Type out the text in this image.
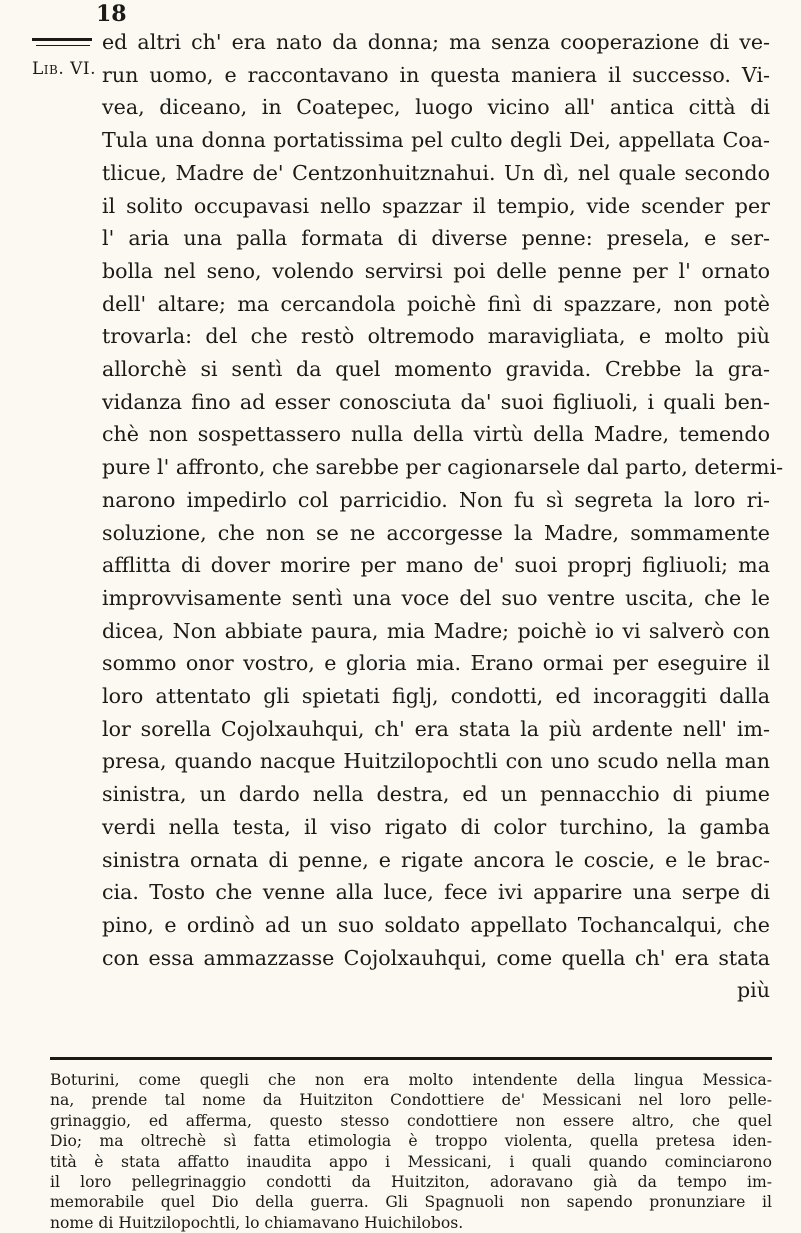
18
Lib. VI.
ed altri ch' era nato da donna; ma senza cooperazione di ve-
run uomo, e raccontavano in questa maniera il successo. Vi-
vea, diceano, in Coatepec, luogo vicino all' antica città di
Tula una donna portatissima pel culto degli Dei, appellata Coa-
tlicue, Madre de' Centzonhuitznahui. Un dì, nel quale secondo
il solito occupavasi nello spazzar il tempio, vide scender per
l' aria una palla formata di diverse penne: presela, e ser-
bolla nel seno, volendo servirsi poi delle penne per l' ornato
dell' altare; ma cercandola poichè finì di spazzare, non potè
trovarla: del che restò oltremodo maravigliata, e molto più
allorchè si sentì da quel momento gravida. Crebbe la gra-
vidanza fino ad esser conosciuta da' suoi figliuoli, i quali ben-
chè non sospettassero nulla della virtù della Madre, temendo
pure l' affronto, che sarebbe per cagionarsele dal parto, determi-
narono impedirlo col parricidio. Non fu sì segreta la loro ri-
soluzione, che non se ne accorgesse la Madre, sommamente
afflitta di dover morire per mano de' suoi proprj figliuoli; ma
improvvisamente sentì una voce del suo ventre uscita, che le
dicea, Non abbiate paura, mia Madre; poichè io vi salverò con
sommo onor vostro, e gloria mia. Erano ormai per eseguire il
loro attentato gli spietati figlj, condotti, ed incoraggiti dalla
lor sorella Cojolxauhqui, ch' era stata la più ardente nell' im-
presa, quando nacque Huitzilopochtli con uno scudo nella man
sinistra, un dardo nella destra, ed un pennacchio di piume
verdi nella testa, il viso rigato di color turchino, la gamba
sinistra ornata di penne, e rigate ancora le coscie, e le brac-
cia. Tosto che venne alla luce, fece ivi apparire una serpe di
pino, e ordinò ad un suo soldato appellato Tochancalqui, che
con essa ammazzasse Cojolxauhqui, come quella ch' era stata
più
Boturini, come quegli che non era molto intendente della lingua Messica-
na, prende tal nome da Huitziton Condottiere de' Messicani nel loro pelle-
grinaggio, ed afferma, questo stesso condottiere non essere altro, che quel
Dio; ma oltrechè sì fatta etimologia è troppo violenta, quella pretesa iden-
tità è stata affatto inaudita appo i Messicani, i quali quando cominciarono
il loro pellegrinaggio condotti da Huitziton, adoravano già da tempo im-
memorabile quel Dio della guerra. Gli Spagnuoli non sapendo pronunziare il
nome di Huitzilopochtli, lo chiamavano Huichilobos.
